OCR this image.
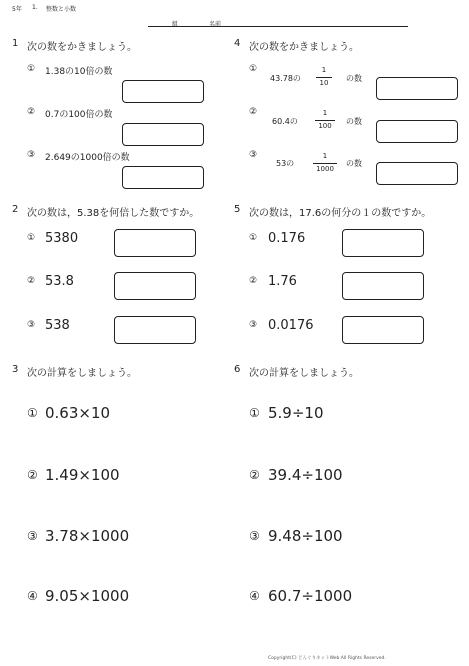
5年 1. 整数と小数
組	名前
1 次の数をかきましょう。
① 1.38の10倍の数
② 0.7の100倍の数
③ 2.649の1000倍の数
4 次の数をかきましょう。
①
43.78の
1
10	の数
②
60.4の
1
100	の数
③
53の
1
1000
の数
2 次の数は，5.38を何倍した数ですか。
① 5380
② 53.8
③ 538
5 次の数は，17.6の何分の１の数ですか。
① 0.176
② 1.76
③ 0.0176
3 次の計算をしましょう。
① 0.63×10
② 1.49×100
③ 3.78×1000
④ 9.05×1000
6 次の計算をしましょう。
① 5.9÷10
② 39.4÷100
③ 9.48÷100
④ 60.7÷1000
Copyright(C) どんぐりネットWeb All Rights Reserved.
